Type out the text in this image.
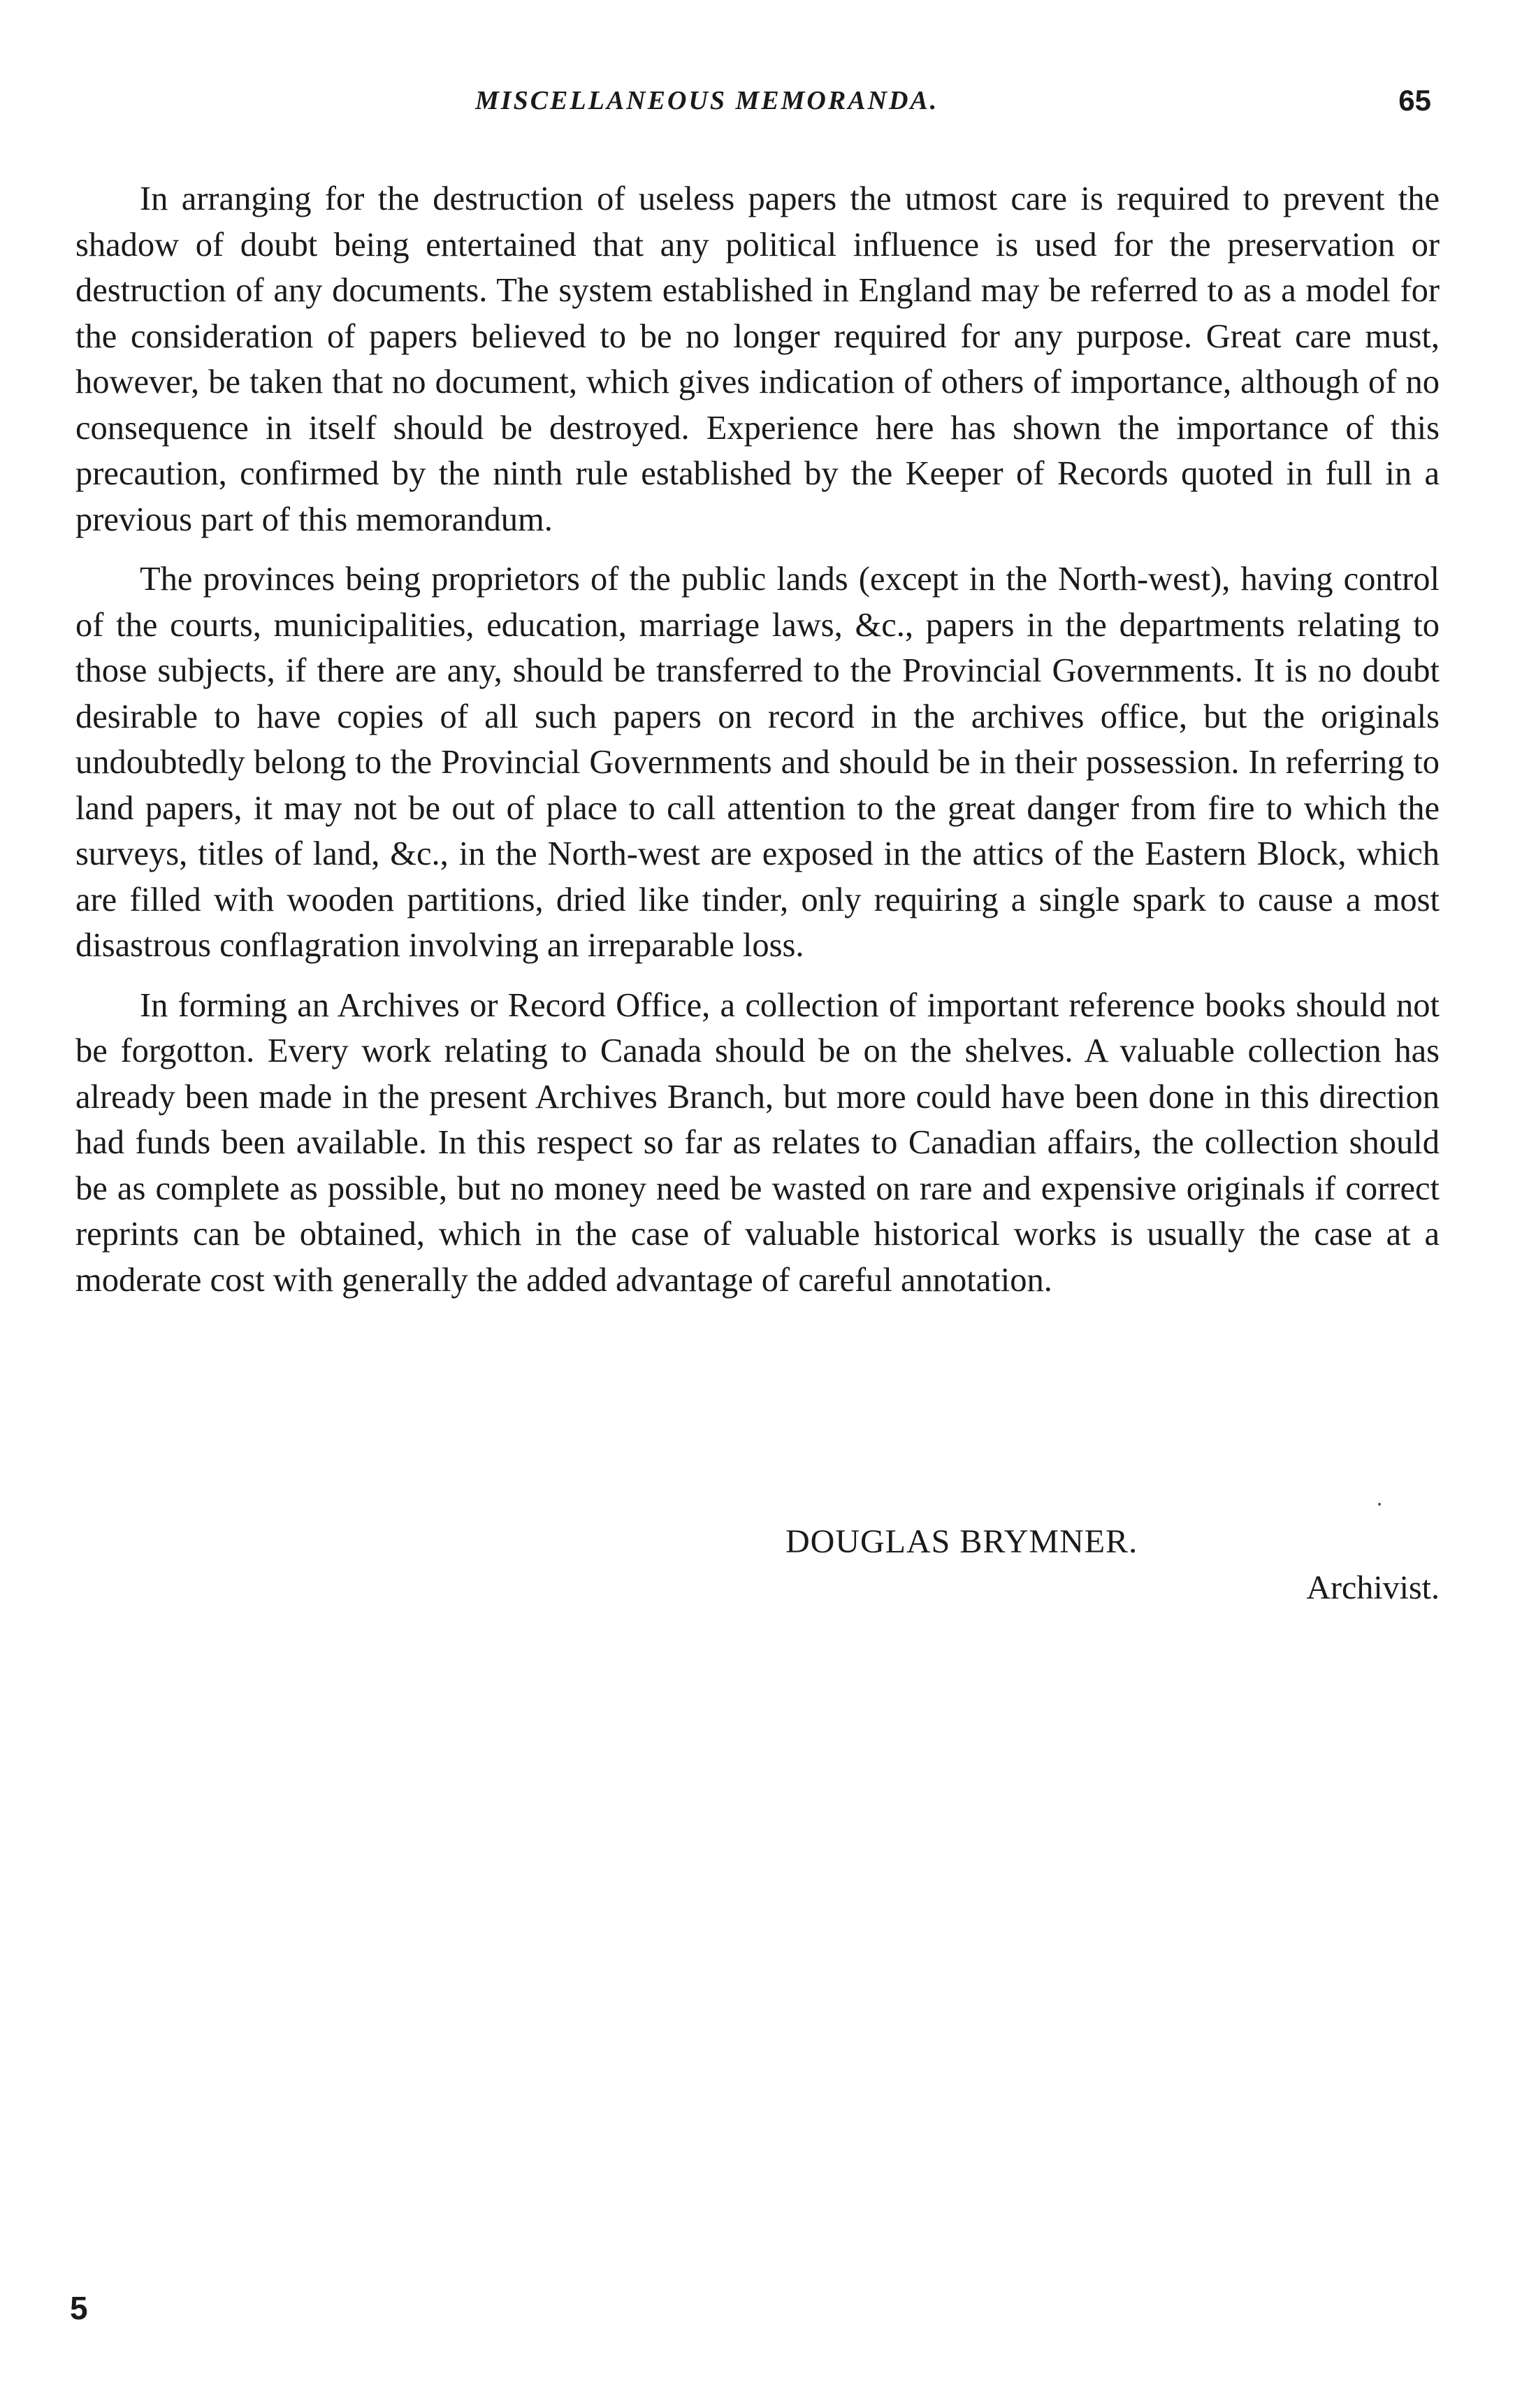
MISCELLANEOUS MEMORANDA.	65

In arranging for the destruction of useless papers the utmost care is required to prevent the shadow of doubt being entertained that any political influence is used for the preservation or destruction of any documents. The system established in England may be referred to as a model for the consideration of papers believed to be no longer required for any purpose. Great care must, however, be taken that no document, which gives indication of others of importance, although of no consequence in itself should be destroyed. Experience here has shown the importance of this precaution, confirmed by the ninth rule established by the Keeper of Records quoted in full in a previous part of this memorandum.

The provinces being proprietors of the public lands (except in the North-west), having control of the courts, municipalities, education, marriage laws, &c., papers in the departments relating to those subjects, if there are any, should be transferred to the Provincial Governments. It is no doubt desirable to have copies of all such papers on record in the archives office, but the originals undoubtedly belong to the Provincial Governments and should be in their possession. In referring to land papers, it may not be out of place to call attention to the great danger from fire to which the surveys, titles of land, &c., in the North-west are exposed in the attics of the Eastern Block, which are filled with wooden partitions, dried like tinder, only requiring a single spark to cause a most disastrous conflagration involving an irreparable loss.

In forming an Archives or Record Office, a collection of important reference books should not be forgotton. Every work relating to Canada should be on the shelves. A valuable collection has already been made in the present Archives Branch, but more could have been done in this direction had funds been available. In this respect so far as relates to Canadian affairs, the collection should be as complete as possible, but no money need be wasted on rare and expensive originals if correct reprints can be obtained, which in the case of valuable historical works is usually the case at a moderate cost with generally the added advantage of careful annotation.

DOUGLAS BRYMNER.
Archivist.
5
